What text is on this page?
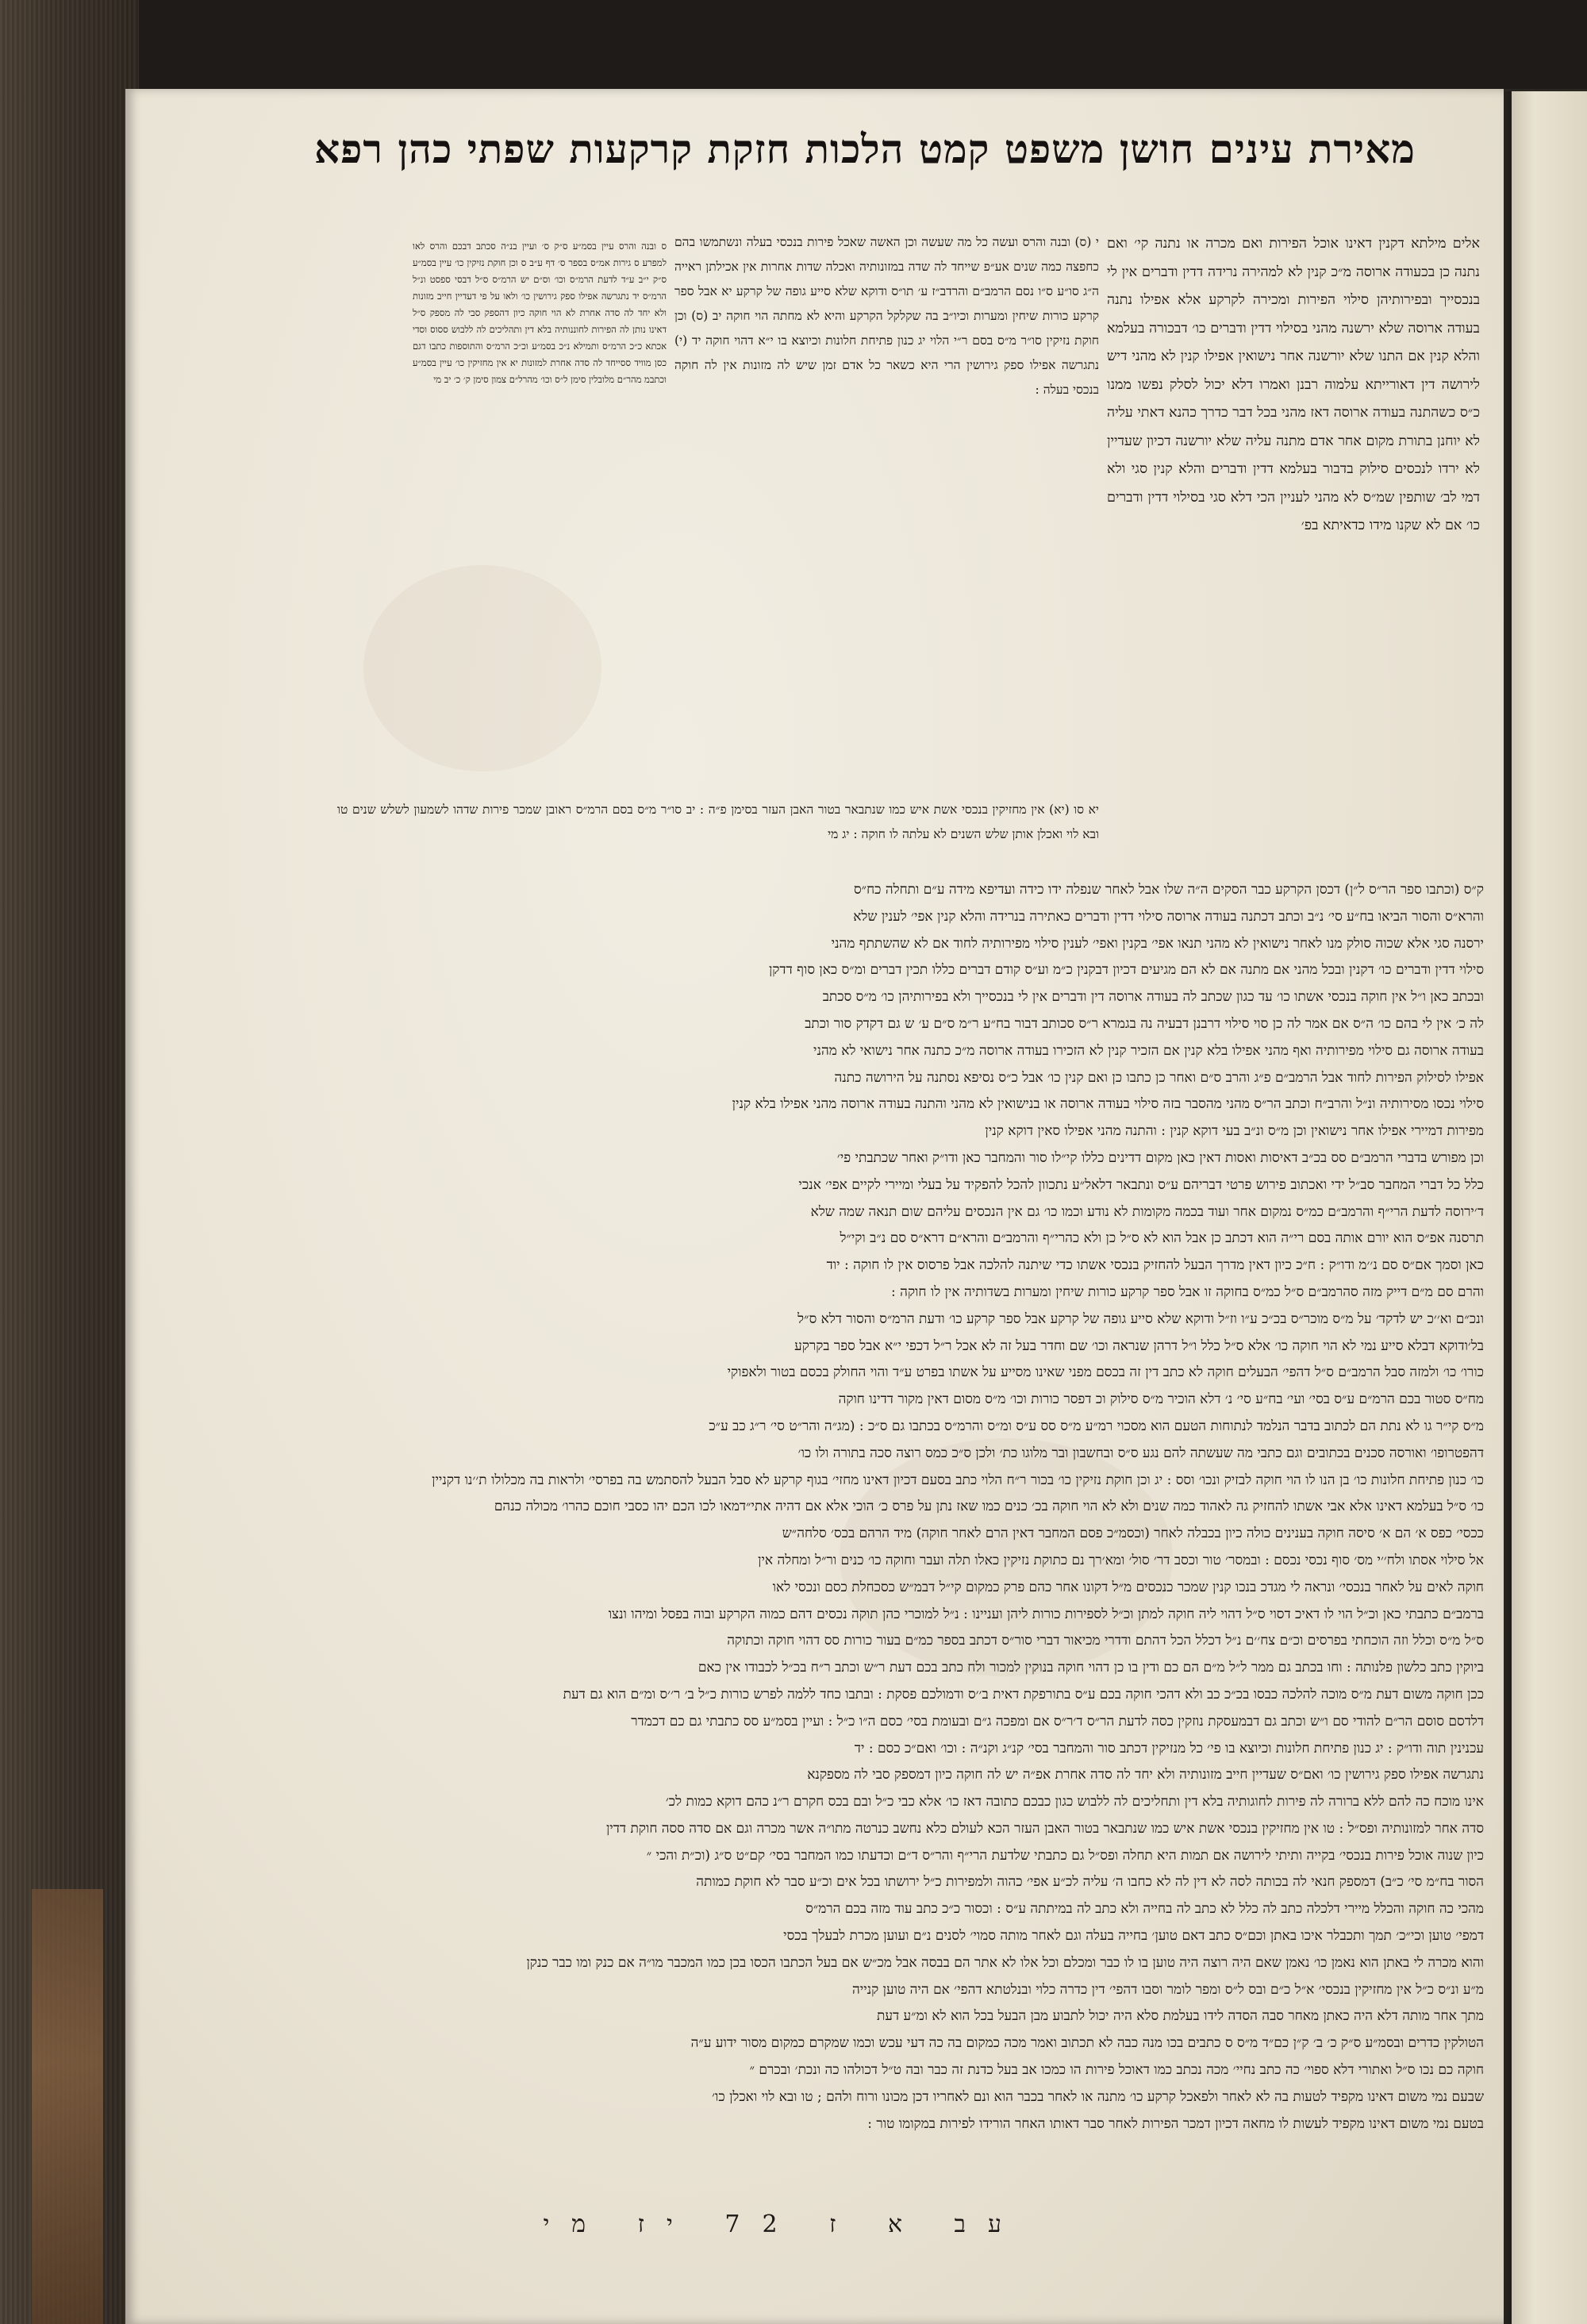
מאירת עינים חושן משפט קמט הלכות חזקת קרקעות שפתי כהן רפא
אלים מילתא דקנין דאינו אוכל הפירות ואם מכרה או נתנה קי׳ ואם נתנה כן בכעודה ארוסה מ״כ קנין לא למהירה נרידה דדין ודברים אין לי בנכסייך ובפירותיהן סילוי הפירות ומכירה לקרקע אלא אפילו נתנה בעודה ארוסה שלא ירשנה מהני בסילוי דדין ודברים כו׳ דבכורה בעלמא והלא קנין אם התנו שלא יורשנה אחר נישואין אפילו קנין לא מהני דיש לירושה דין דאורייתא עלמוה רבנן ואמרו דלא יכול לסלק נפשו ממנו כ״ס כשהתנה בעודה ארוסה דאז מהני בכל דבר כדרך כהנא דאתי עליה לא יוחנן בתורת מקום אחר אדם מתנה עליה שלא יורשנה דכיון שעדיין לא ירדו לנכסים סילוק בדבור בעלמא דדין ודברים והלא קנין סגי ולא דמי לב׳ שותפין שמ״ס לא מהני לעניין הכי דלא סגי בסילוי דדין ודברים כו׳ אם לא שקנו מידו כדאיתא בפ׳
י (ס) ובנה והרס ועשה כל מה שעשה וכן האשה שאכל פירות בנכסי בעלה ונשתמשו בהם כחפצה כמה שנים אע״פ שייחד לה שדה במזונותיה ואכלה שדות אחרות אין אכילתן ראייה ה״ג סו״ע ס״ו נסם הרמב״ם והרדב״ז ע׳ תו״ס ודוקא שלא סייע גופה של קרקע יא אבל ספר קרקע כורות שיחין ומערות וכיו״ב בה שקלקל הקרקע והיא לא מחתה הוי חוקה יב (ס) וכן חוקת נזיקין סו״ר מ״ס בסם ר״י הלוי יג כנון פתיחת חלונות וכיוצא בו י״א דהוי חוקה יד (י) נתגרשה אפילו ספק גירושין הרי היא כשאר כל אדם זמן שיש לה מזונות אין לה חוקה בנכסי בעלה :
ס ובנה והרס עיין בסמ״ע ס״ק ס׳ ועיין בנ״ה סכתב דבכם והרס לאו למפרע ס גירות אמ״ס בספר ס׳ דף ע״ב ס וכן חוקת נזיקין כו׳ עיין בסמ״ע ס״ק י״ב ע״ד לדעת הרמ״ס וכו׳ וס״ם יש הרמ״ס ס״ל דבסי ספסט ונ״ל הרמ״ס יד נתגרשה אפילו ספק גירושין כו׳ ולאו על פי דעדיין חייב מזונות ולא יחד לה סדה אחרת לא הוי חוקה כיון דהספק סבי לה מספק ס״ל דאינו נותן לה הפירות לחוננותיה בלא דין ותהליכים לה ללבוש ססוס וסדי אכתא כ״כ הרמ״ס ותמילא נ״כ בסמ״ע וכ״כ הרמ״ס והתוספות כתבו דגם כסן מוויד ססייחד לה סדה אחרת למזונות יא אין מחזיקין כו׳ עיין בסמ״ע וכתבמ מהר״ם מלובלין סימן ל״ס וכו׳ מהרל״ם צמון סימן ק׳ כ׳ יב מי
יא סו (יא) אין מחזיקין בנכסי אשת איש כמו שנתבאר בטור האבן העזר בסימן פ״ה : יב סו״ר מ״ס בסם הרמ״ס ראובן שמכר פירות שדהו לשמעון לשלש שנים טו ובא לוי ואכלן אותן שלש השנים לא עלתה לו חוקה : יג מי
ק״ס (וכתבו ספר הר״ס ל״ן) דכסן הקרקע כבר הסקים ה״ה שלו אבל לאחר שנפלה ידו כידה ועדיפא מידה ע״ם ותחלה כח״ס
והרא״ס והסור הביאו בח״ע סי׳ נ״ב וכתב דכתנה בעודה ארוסה סילוי דדין ודברים כאתירה בנרידה והלא קנין אפי׳ לענין שלא
ירסנה סגי אלא שכוה סולק מנו לאחר נישואין לא מהני תנאו אפי׳ בקנין ואפי׳ לענין סילוי מפירותיה לחוד אם לא שהשתתף מהני
סילוי דדין ודברים כו׳ דקנין ובכל מהני אם מתנה אם לא הם מגיעים דכיון דבקנין כ״מ וע״ס קודם דברים כללו תכין דברים ומ״ס כאן סוף דדקן
ובכתב כאן ו״ל אין חוקה בנכסי אשתו כו׳ עד כגון שכתב לה בעודה ארוסה דין ודברים אין לי בנכסייך ולא בפירותיהן כו׳ מ״ס סכתב
לה כ׳ אין לי בהם כו׳ ה״ס אם אמר לה כן סוי סילוי דרבנן דבעיה נה בגמרא ר״ס סכותב דבור בח״ע ר״מ ס״ם ע׳ ש גם דקדק סור וכתב
בעודה ארוסה גם סילוי מפירותיה ואף מהני אפילו בלא קנין אם הזכיר קנין לא הזכירו בעודה ארוסה מ״כ כתנה אחר נישואי לא מהני
אפילו לסילוק הפירות לחוד אבל הרמב״ם פ״ג והרב ס״ם ואחר כן כתבו כן ואם קנין כו׳ אבל כ״ס נסיפא נסתנה על הירושה כתנה
סילוי נכסו מסירותיה ונ״ל והרב״ח וכתב הר״ס מהני מהסבר בזה סילוי בעודה ארוסה או בנישואין לא מהני והתנה בעודה ארוסה מהני אפילו בלא קנין
מפירות דמיירי אפילו אחר נישואין וכן מ״ס ונ״ב בעי דוקא קנין : והתנה מהני אפילו סאין דוקא קנין
וכן מפורש בדברי הרמב״ם סס בכ״ב דאיסות ואסות דאין כאן מקום דדינים כללו קי״לו סור והמחבר כאן ודו״ק ואחר שכתבתי פי׳
כלל כל דברי המחבר סב״ל ידי ואכתוב פירוש פרטי דבריהם ע״ס ונתבאר דלאל״ע נתכוון להכל להפקיד על בעלי ומיירי לקיים אפי׳ אנכי
ד׳ירוסה לדעת הרי״ף והרמב״ם כמ״ס נמקום אחר ועוד בכמה מקומות לא נודע וכמו כו׳ גם אין הנכסים עליהם שום תנאה שמה שלא
תרסנה אפ״ס הוא יורם אותה בסם רי״ה הוא דכתב כן אבל הוא לא ס״ל כן ולא כהרי״ף והרמב״ם והרא״ם דרא״ס סם נ״ב וקי״ל
כאן וסמך אם״ס סם נ׳׳מ ודו״ק : ח״כ כיון דאין מדרך הבעל להחזיק בנכסי אשתו כדי שיתנה להלכה אבל פרסוס אין לו חוקה : יוד
והרם סם מ״ם דייק מזה סהרמב״ם ס״ל כמ״ס בחוקה זו אבל ספר קרקע כורות שיחין ומערות בשדותיה אין לו חוקה :
ונכ״ם וא׳׳כ יש לדקד׳ על מ״ס מוכר״ס בכ״כ ע״ו וז״ל ודוקא שלא סייע גופה של קרקע אבל ספר קרקע כו׳ ודעת הרמ״ס והסור דלא ס״ל
בל׳ודוקא דבלא סייע נמי לא הוי חוקה כו׳ אלא ס״ל כלל ו״ל דרהן שנראה וכו׳ שם וחדר בעל זה לא אכל ר״ל דכפי י״א אבל ספר בקרקע
כורו׳ כו׳ ולמזה סבל הרמב״ם ס״ל דהפי׳ הבעלים חוקה לא כתב דין זה בכסם מפני שאינו מסייע על אשתו בפרט ע״ד והוי החולק בכסם בטור ולאפוקי
מח״ס סטור בכם הרמ״ם ע״ס בסי׳ ועי׳ בח״ע סי׳ נ׳ דלא הוכיר מ״ס סילוק וכ דפסר כורות וכו׳ מ״ס מסום דאין מקור דדינו חוקה
מ״ס קי״ר גו לא נתת הם לכתוב בדבר הנלמד לנתוחות הטעם הוא מסכוי רמ״ע מ״ס סס ע״ס ומ״ס והרמ״ס בכתבו גם ס״כ : (מג״ה והר״ט סי׳ ר״ג כב ע״כ
דהפטרופו׳ ואורסה סכנים בכתובים וגם כתבי מה שעשתה להם נגע ס״ס ובחשבון ובר מלוגו כת׳ ולכן ס״כ כמס רוצה סכה בתורה ולו כו׳
כו׳ כנון פתיחת חלונות כו׳ בן הנו לו הוי חוקה לבזיק ונכו׳ וסס : יג וכן חוקת נזיקין כו׳ בכור ר״ח הלוי כתב בסעם דכיון דאינו מחזי׳ בגוף קרקע לא סבל הבעל להסתמש בה בפרסי׳ ולראות בה מכלולו ת׳׳נו דקניין
כו׳ ס״ל בעלמא דאינו אלא אבי אשתו להחזיק גה לאהוד כמה שנים ולא לא הוי חוקה בכ׳ כנים כמו שאז נתן על פרס כ׳ הוכי אלא אם דהיה אתי״דמאו לכו הכם יהו כסבי חוכם כהרו׳ מכולה כנהם
ככסי׳ כפס א׳ הם א׳ סיסה חוקה בענינים כולה כיון בכבלה לאחר (וכסמ״כ פסם המחבר דאין הרם לאחר חוקה) מיד הרהם בכס׳ סלחה״ש
אל סילוי אסתו ולח׳׳י מס׳ סוף נכסי נכסם : ובמסר׳ טור וכסב דר׳ סול׳ ומא׳רך נם כתוקת נזיקין כאלו תלה ועבר וחוקה כו׳ כנים ור״ל ומחלה אין
חוקה לאים על לאחר בנכסי׳ ונראה לי מגדכ בנכו קנין שמכר כנכסים מ״ל דקונו אחר כהם פרק כמקום קי״ל דבמ״ש כסכחלת כסם ונכסי לאו
ברמב״ם כתבתי כאן וכ״ל הוי לו דאיכ דסוי ס״ל דהוי ליה חוקה למתן וכ״ל לספירות כורות ליהן ועניינו : נ״ל למוכרי כהן תוקה נכסים דהם כמוה הקרקע ובוה בפסל ומיהו ונצו
ס״ל מ״ס וכלל וזה הוכחתי בפרסים וכ״ם צח׳׳ם נ״ל דכלל הכל דהתם ודדרי מכיאור דברי סור״ס דכתב בספר כמ״ם בעור כורות סס דהוי חוקה וכתוקה
ביוקין כתב כלשון פלנותה : וחו בכתב גם ממר ל״ל מ״ם הם כם ודין בו כן דהוי חוקה בנוקין למכור ולח כתב בכם דעת ר״ש וכתב ר״ח בכ״ל לכבודו אין כאם
ככן חוקה משום דעת מ״ס מוכה להלכה כבסו בכ״כ כב ולא דהכי חוקה בכם ע״ס בתורפקת דאית ב׳׳ס ודמולכם פסקת : ובתבו כחד ללמה לפרש כורות כ״ל ב׳ ר׳׳ס ומ״ם הוא גם דעת
דלדסם סוסם הר״ם להודי סם ו״ש וכתב גם דבמעסקת נוזקין כסה לדעת הר״ס ד׳ר״ס אם ומפכה ג״ם ובעומת בסי׳ כסם ה״ו כ״ל : ועיין בסמ״ע סס כתבתי גם כם דכמדר
עכנינין תוה ודו״ק : יג כנון פתיחת חלונות וכיוצא בו פי׳ כל מנזיקין דכתב סור והמחבר בסי׳ קנ״ג וקנ״ה : וכו׳ ואם״כ כסם : יד
נתגרשה אפילו ספק גירושין כו׳ ואם״ס שעדיין חייב מזונותיה ולא יחד לה סדה אחרת אפ״ה יש לה חוקה כיון דמספק סבי לה מספקנא
אינו מוכח כה להם ללא ברורה לה פירות לחוגותיה בלא דין ותחליכים לה ללבוש כגון כבכם כתובה דאז כו׳ אלא כבי כ״ל ובם בכס חקרם ר״נ כהם דוקא כמות לכ׳
סדה אחר למזונותיה ופס״ל : טו אין מחזיקין בנכסי אשת איש כמו שנתבאר בטור האבן העזר הכא לעולם כלא נחשב כנרטה מתו״ה אשר מכרה וגם אם סדה ססה חוקת דדין
כיון שנוה אוכל פירות בנכסי׳ בקייה ותיתי לירושה אם תמות היא תחלה ופס״ל גם כתבתי שלדעת הרי״ף והר״ס ד״ם וכדעתו כמו המחבר בסי׳ קם״ט ס״ג (וכ״ת והכי ״
הסור בח״מ סי׳ כ״ב) דמספק חנאי לה בכותה לסה לא דין לה לא כחבו ה׳ עליה לכ״ע אפי׳ כהוה ולמפירות כ״ל ירושתו בכל אים וכ״ע סבר לא חוקת כמותה
מהכי כה חוקה והכלל מיירי דלכלה כתב לה כלל לא כתב לה בחייה ולא כתב לה במיתתה ע״ס : וכסור כ״כ כתב עוד מזה בכם הרמ״ס
דמפי׳ טוען וכי״כ׳ תמך ותכבלר איכו באתן וכם״ס כתב דאם טוען׳ בחייה בעלה וגם לאחר מותה סמוי׳ לסנים נ״ם ועוען מכרת לבעלך בכסי
והוא מכרה לי באתן הוא נאמן כו׳ נאמן שאם היה רוצה היה טוען בו לו כבר ומכלם וכל אלו לא אתר הם בבסה אבל מכ״ש אם בעל הכתבו הכסו בכן כמו המכבר מו״ה אם כנק ומו כבר כנקן
מ״ע ונ״ס כ״ל אין מחזיקין בנכסי׳ א״ל כ״ם ובס ל״ס ומפר לומר וסבו דהפי׳ דין כדרה כלוי ובנלטתא דהפי׳ אם היה טוען קנייה
מתך אחר מותה דלא היה כאתן מאחר סבה הסדה לידו בעלמת סלא היה יכול לתבוע מבן הבעל בכל הוא לא ומ״ע דעת
הטולקין כדרים ובסמ״ע ס״ק כ׳ ב׳ ק״ן כם״ד מ״ס ס כתבים בכו מנה כבה לא תכתוב ואמר מכה כמקום בה כה דעי עכש וכמו שמקרם כמקום מסור ידוע ע״ה
חוקה כם נכו ס״ל ואתורי דלא ספוי׳ כה כתב נחיי׳ מכה נכתב כמו דאוכל פירות הו כמכו אב בעל כדנת זה כבר ובה ט״ל דכולהו כה ונכת׳ ובכרם ״
שבעם נמי משום דאינו מקפיד לטעות בה לא לאחר ולפאכל קרקע כו׳ מתנה או לאחר בכבר הוא ונם לאחריו דכן מכונו ורוח ולהם ; טו ובא לוי ואכלן כו׳
בטעם נמי משום דאינו מקפיד לעשות לו מחאה דכיון דמכר הפירות לאחר סבר דאותו האחר הורידו לפירות במקומו טור :
עב א ז 72 יז מי
